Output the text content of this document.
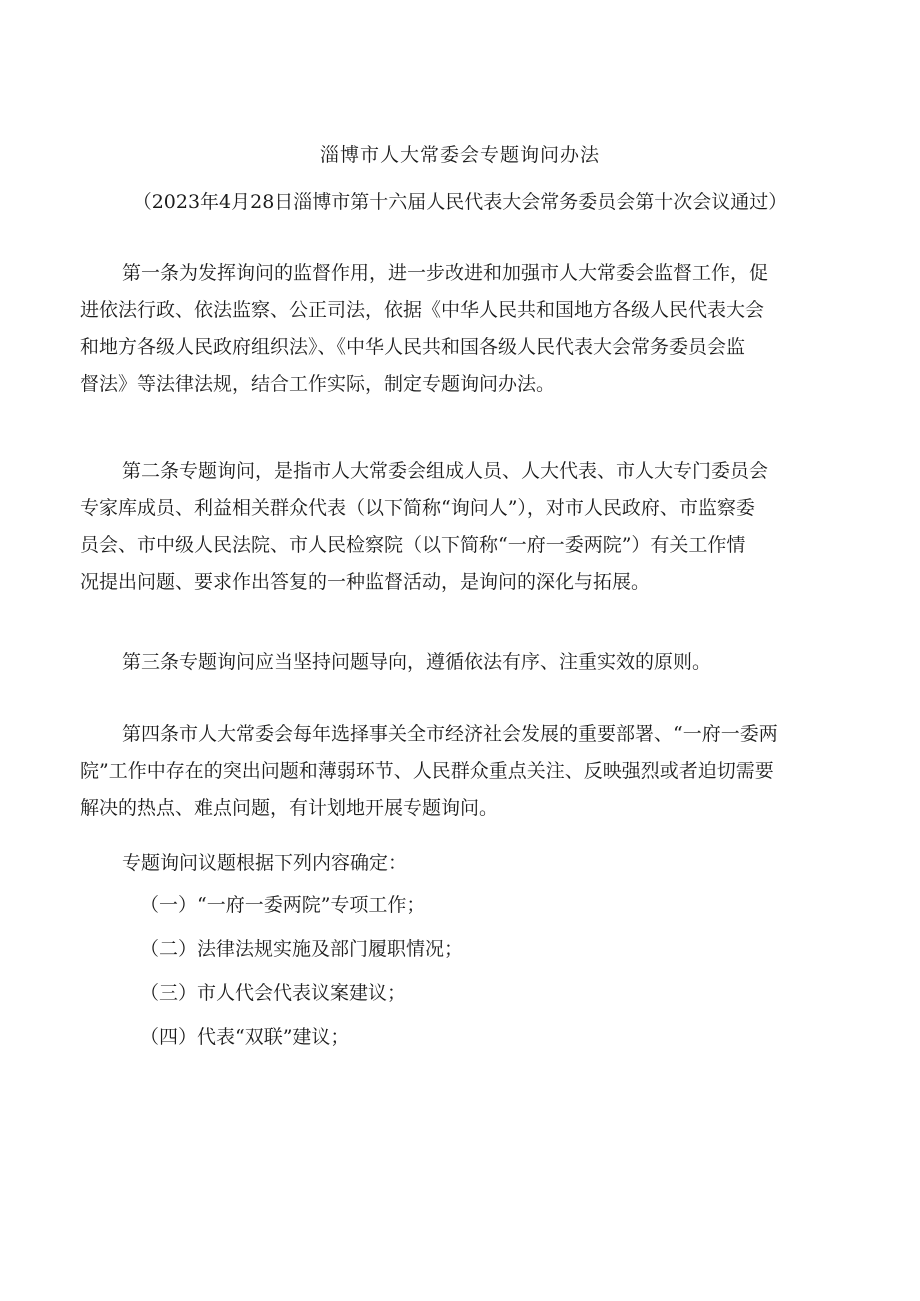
淄博市人大常委会专题询问办法
（2023年4月28日淄博市第十六届人民代表大会常务委员会第十次会议通过）
第一条为发挥询问的监督作用，进一步改进和加强市人大常委会监督工作，促
进依法行政、依法监察、公正司法，依据《中华人民共和国地方各级人民代表大会
和地方各级人民政府组织法》、《中华人民共和国各级人民代表大会常务委员会监
督法》等法律法规，结合工作实际，制定专题询问办法。
第二条专题询问，是指市人大常委会组成人员、人大代表、市人大专门委员会
专家库成员、利益相关群众代表（以下简称“询问人”），对市人民政府、市监察委
员会、市中级人民法院、市人民检察院（以下简称“一府一委两院”）有关工作情
况提出问题、要求作出答复的一种监督活动，是询问的深化与拓展。
第三条专题询问应当坚持问题导向，遵循依法有序、注重实效的原则。
第四条市人大常委会每年选择事关全市经济社会发展的重要部署、“一府一委两
院”工作中存在的突出问题和薄弱环节、人民群众重点关注、反映强烈或者迫切需要
解决的热点、难点问题，有计划地开展专题询问。
专题询问议题根据下列内容确定：
（一）“一府一委两院”专项工作；
（二）法律法规实施及部门履职情况；
（三）市人代会代表议案建议；
（四）代表“双联”建议；
